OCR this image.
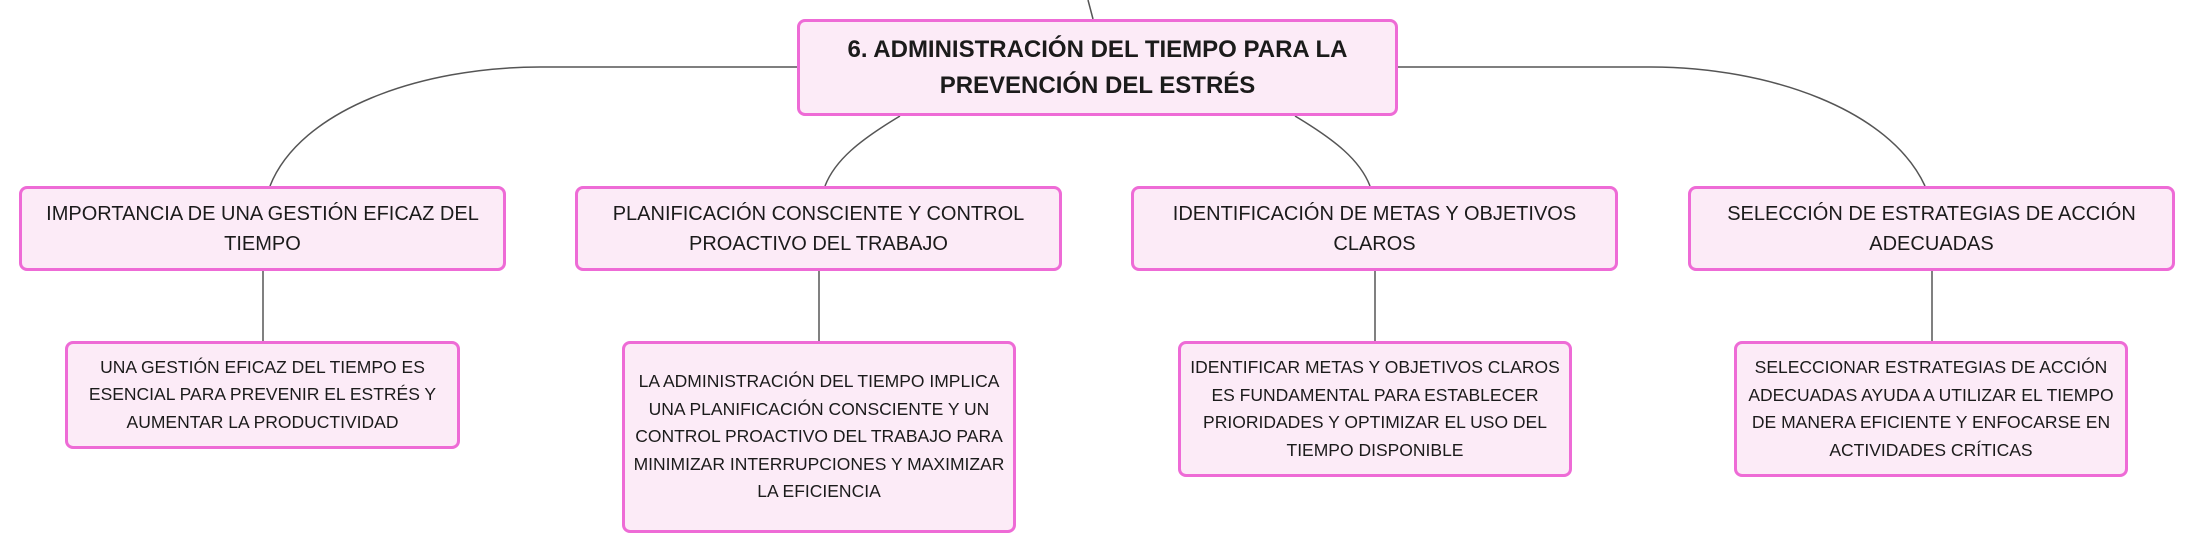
6. ADMINISTRACIÓN DEL TIEMPO PARA LA PREVENCIÓN DEL ESTRÉS
IMPORTANCIA DE UNA GESTIÓN EFICAZ DEL TIEMPO
PLANIFICACIÓN CONSCIENTE Y CONTROL PROACTIVO DEL TRABAJO
IDENTIFICACIÓN DE METAS Y OBJETIVOS CLAROS
SELECCIÓN DE ESTRATEGIAS DE ACCIÓN ADECUADAS
UNA GESTIÓN EFICAZ DEL TIEMPO ES ESENCIAL PARA PREVENIR EL ESTRÉS Y AUMENTAR LA PRODUCTIVIDAD
LA ADMINISTRACIÓN DEL TIEMPO IMPLICA UNA PLANIFICACIÓN CONSCIENTE Y UN CONTROL PROACTIVO DEL TRABAJO PARA MINIMIZAR INTERRUPCIONES Y MAXIMIZAR LA EFICIENCIA
IDENTIFICAR METAS Y OBJETIVOS CLAROS ES FUNDAMENTAL PARA ESTABLECER PRIORIDADES Y OPTIMIZAR EL USO DEL TIEMPO DISPONIBLE
SELECCIONAR ESTRATEGIAS DE ACCIÓN ADECUADAS AYUDA A UTILIZAR EL TIEMPO DE MANERA EFICIENTE Y ENFOCARSE EN ACTIVIDADES CRÍTICAS
